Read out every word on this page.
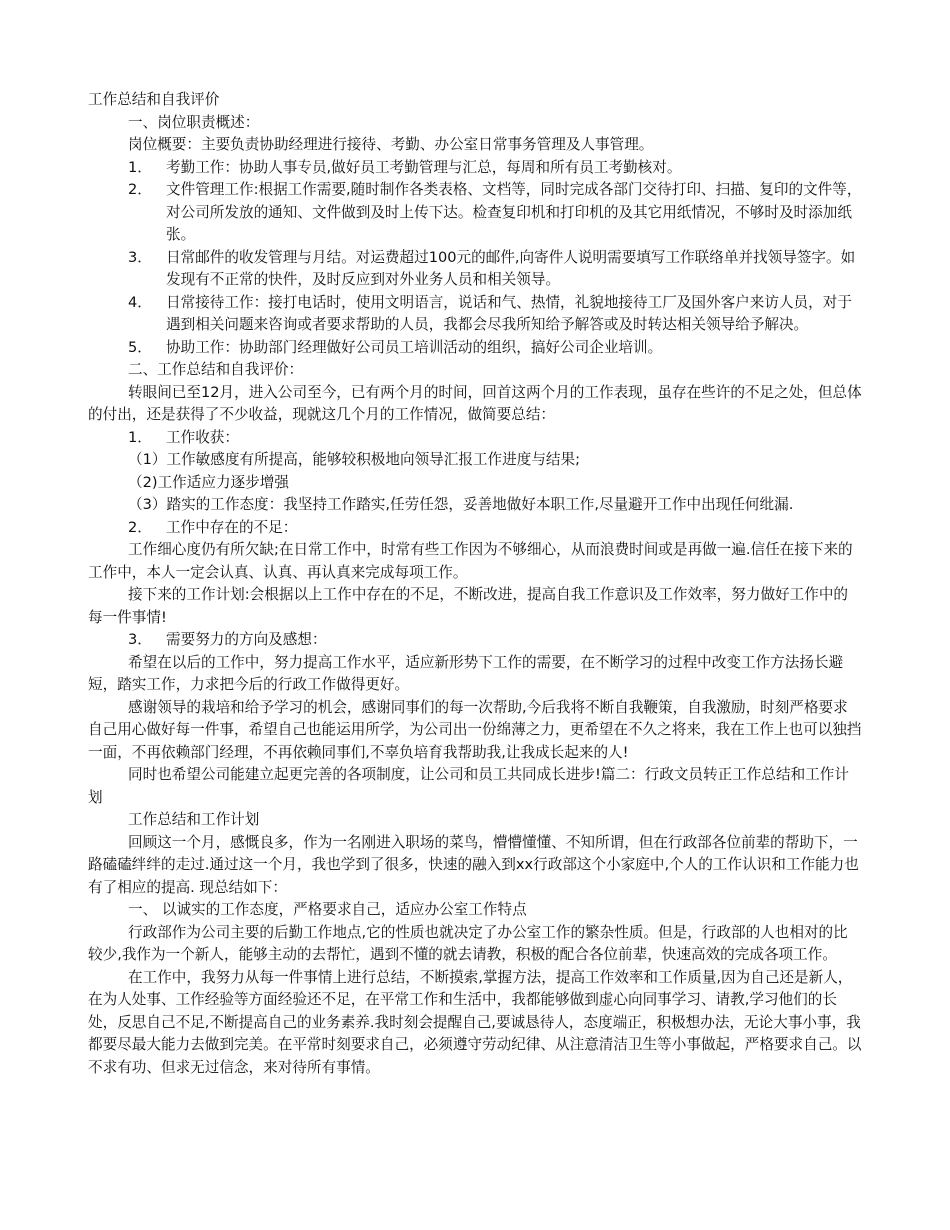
工作总结和自我评价

一、岗位职责概述：

岗位概要：主要负责协助经理进行接待、考勤、办公室日常事务管理及人事管理。

1． 考勤工作：协助人事专员,做好员工考勤管理与汇总，每周和所有员工考勤核对。
2． 文件管理工作:根据工作需要,随时制作各类表格、文档等，同时完成各部门交待打印、扫描、复印的文件等，对公司所发放的通知、文件做到及时上传下达。检查复印机和打印机的及其它用纸情况，不够时及时添加纸张。
3． 日常邮件的收发管理与月结。对运费超过100元的邮件,向寄件人说明需要填写工作联络单并找领导签字。如发现有不正常的快件，及时反应到对外业务人员和相关领导。
4． 日常接待工作：接打电话时，使用文明语言，说话和气、热情，礼貌地接待工厂及国外客户来访人员，对于遇到相关问题来咨询或者要求帮助的人员，我都会尽我所知给予解答或及时转达相关领导给予解决。
5． 协助工作：协助部门经理做好公司员工培训活动的组织，搞好公司企业培训。

二、工作总结和自我评价：

转眼间已至12月，进入公司至今，已有两个月的时间，回首这两个月的工作表现，虽存在些许的不足之处，但总体的付出，还是获得了不少收益，现就这几个月的工作情况，做简要总结：

1． 工作收获：

（1）工作敏感度有所提高，能够较积极地向领导汇报工作进度与结果;

（2)工作适应力逐步增强

（3）踏实的工作态度：我坚持工作踏实,任劳任怨，妥善地做好本职工作,尽量避开工作中出现任何纰漏.

2． 工作中存在的不足：

工作细心度仍有所欠缺;在日常工作中，时常有些工作因为不够细心，从而浪费时间或是再做一遍.信任在接下来的工作中，本人一定会认真、认真、再认真来完成每项工作。

接下来的工作计划:会根据以上工作中存在的不足，不断改进，提高自我工作意识及工作效率，努力做好工作中的每一件事情!

3． 需要努力的方向及感想：

希望在以后的工作中，努力提高工作水平，适应新形势下工作的需要，在不断学习的过程中改变工作方法扬长避短，踏实工作，力求把今后的行政工作做得更好。

感谢领导的栽培和给予学习的机会，感谢同事们的每一次帮助,今后我将不断自我鞭策，自我激励，时刻严格要求自己用心做好每一件事，希望自己也能运用所学，为公司出一份绵薄之力，更希望在不久之将来，我在工作上也可以独挡一面，不再依赖部门经理，不再依赖同事们,不辜负培育我帮助我,让我成长起来的人!

同时也希望公司能建立起更完善的各项制度，让公司和员工共同成长进步!篇二：行政文员转正工作总结和工作计划

工作总结和工作计划

回顾这一个月，感慨良多，作为一名刚进入职场的菜鸟，懵懵懂懂、不知所谓，但在行政部各位前辈的帮助下，一路磕磕绊绊的走过.通过这一个月，我也学到了很多，快速的融入到xx行政部这个小家庭中,个人的工作认识和工作能力也有了相应的提高. 现总结如下：

一、 以诚实的工作态度，严格要求自己，适应办公室工作特点

行政部作为公司主要的后勤工作地点,它的性质也就决定了办公室工作的繁杂性质。但是，行政部的人也相对的比较少,我作为一个新人，能够主动的去帮忙，遇到不懂的就去请教，积极的配合各位前辈，快速高效的完成各项工作。

在工作中，我努力从每一件事情上进行总结，不断摸索,掌握方法，提高工作效率和工作质量,因为自己还是新人，在为人处事、工作经验等方面经验还不足，在平常工作和生活中，我都能够做到虚心向同事学习、请教,学习他们的长处，反思自己不足,不断提高自己的业务素养.我时刻会提醒自己,要诚恳待人，态度端正，积极想办法，无论大事小事，我都要尽最大能力去做到完美。在平常时刻要求自己，必须遵守劳动纪律、从注意清洁卫生等小事做起，严格要求自己。以不求有功、但求无过信念，来对待所有事情。
